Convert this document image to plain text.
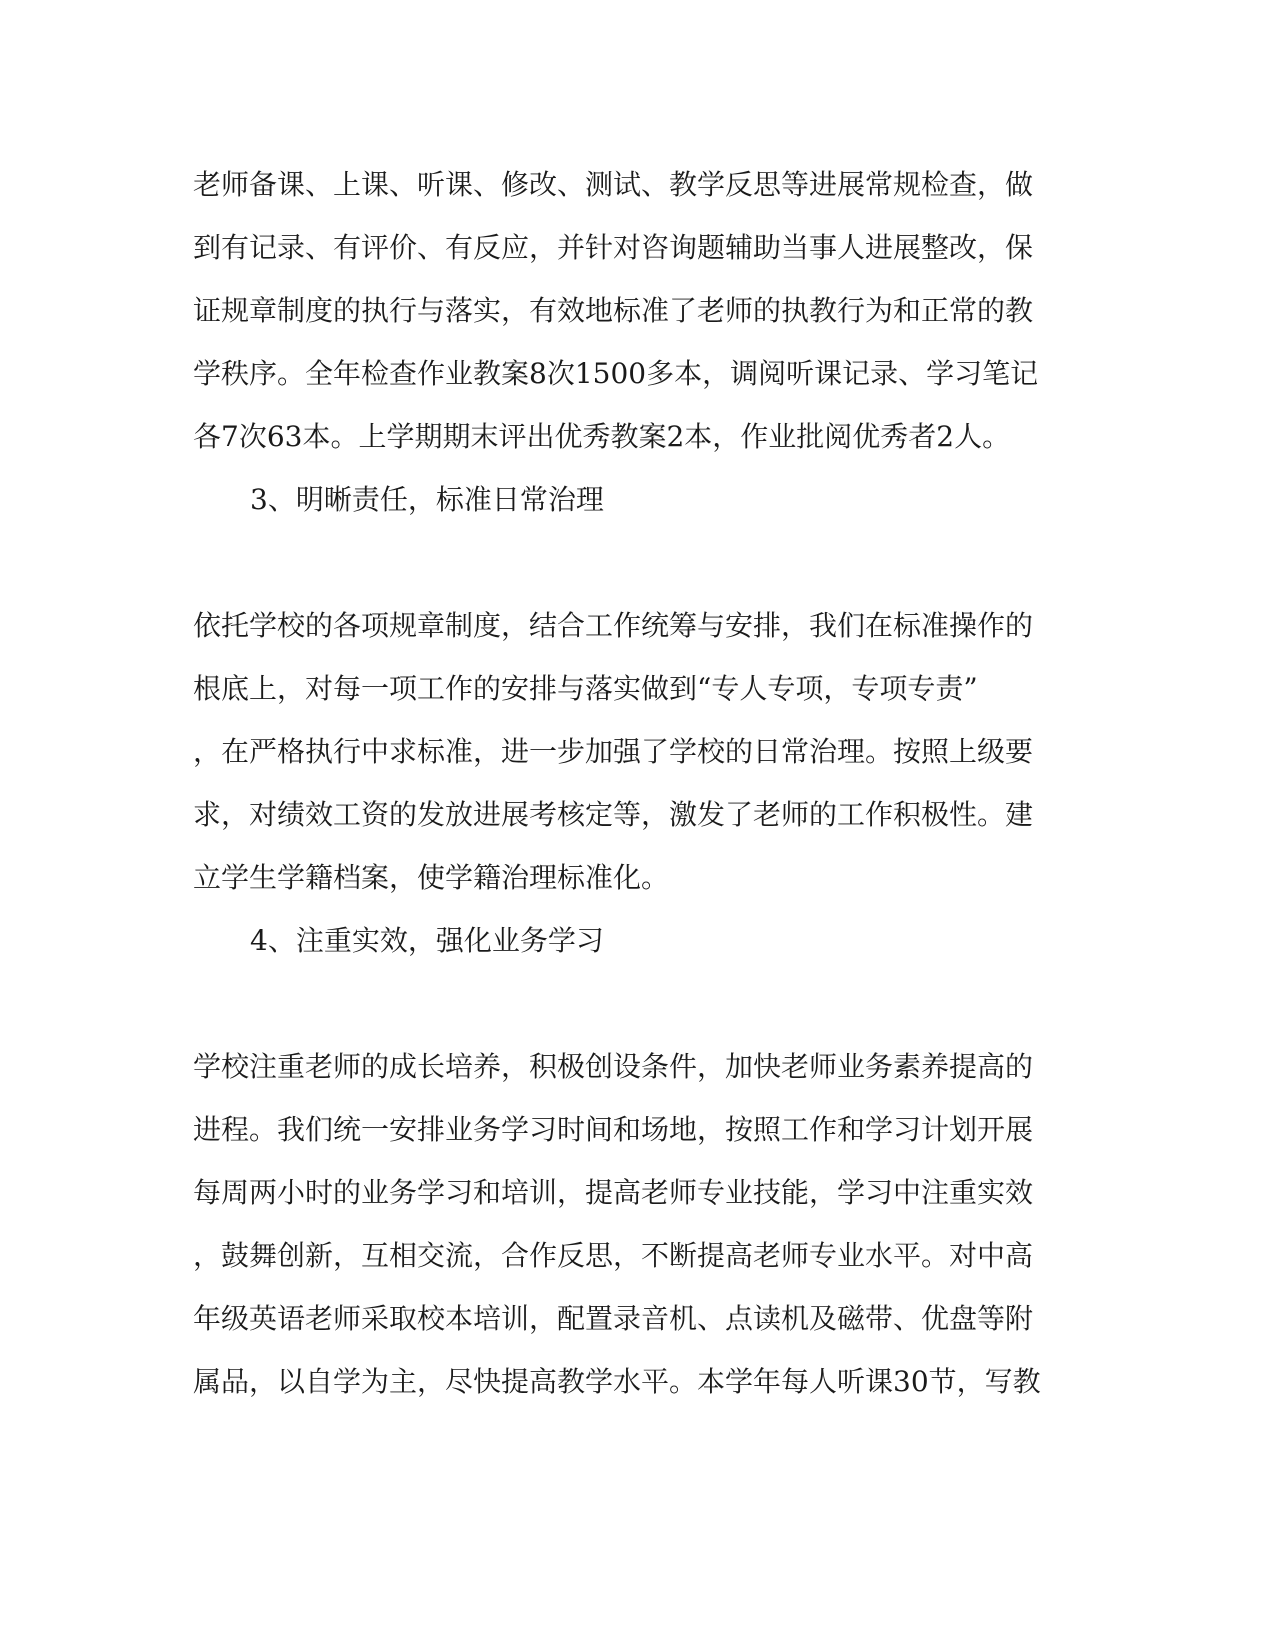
老师备课、上课、听课、修改、测试、教学反思等进展常规检查，做
到有记录、有评价、有反应，并针对咨询题辅助当事人进展整改，保
证规章制度的执行与落实，有效地标准了老师的执教行为和正常的教
学秩序。全年检查作业教案8次1500多本，调阅听课记录、学习笔记
各7次63本。上学期期末评出优秀教案2本，作业批阅优秀者2人。
3、明晰责任，标准日常治理
依托学校的各项规章制度，结合工作统筹与安排，我们在标准操作的
根底上，对每一项工作的安排与落实做到“专人专项，专项专责”
，在严格执行中求标准，进一步加强了学校的日常治理。按照上级要
求，对绩效工资的发放进展考核定等，激发了老师的工作积极性。建
立学生学籍档案，使学籍治理标准化。
4、注重实效，强化业务学习
学校注重老师的成长培养，积极创设条件，加快老师业务素养提高的
进程。我们统一安排业务学习时间和场地，按照工作和学习计划开展
每周两小时的业务学习和培训，提高老师专业技能，学习中注重实效
，鼓舞创新，互相交流，合作反思，不断提高老师专业水平。对中高
年级英语老师采取校本培训，配置录音机、点读机及磁带、优盘等附
属品，以自学为主，尽快提高教学水平。本学年每人听课30节，写教
